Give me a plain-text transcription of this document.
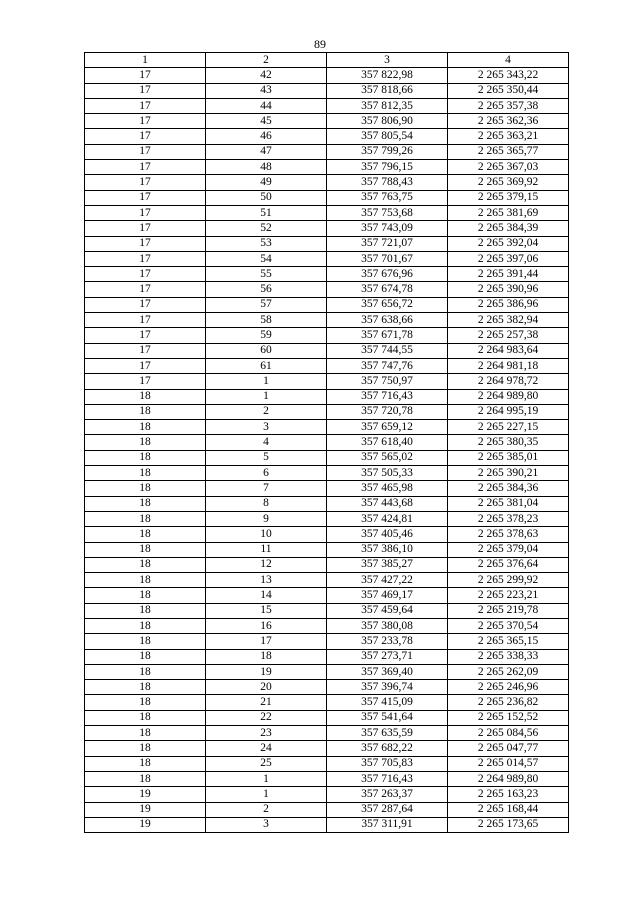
89
1	2	3	4
17	42	357 822,98	2 265 343,22
17	43	357 818,66	2 265 350,44
17	44	357 812,35	2 265 357,38
17	45	357 806,90	2 265 362,36
17	46	357 805,54	2 265 363,21
17	47	357 799,26	2 265 365,77
17	48	357 796,15	2 265 367,03
17	49	357 788,43	2 265 369,92
17	50	357 763,75	2 265 379,15
17	51	357 753,68	2 265 381,69
17	52	357 743,09	2 265 384,39
17	53	357 721,07	2 265 392,04
17	54	357 701,67	2 265 397,06
17	55	357 676,96	2 265 391,44
17	56	357 674,78	2 265 390,96
17	57	357 656,72	2 265 386,96
17	58	357 638,66	2 265 382,94
17	59	357 671,78	2 265 257,38
17	60	357 744,55	2 264 983,64
17	61	357 747,76	2 264 981,18
17	1	357 750,97	2 264 978,72
18	1	357 716,43	2 264 989,80
18	2	357 720,78	2 264 995,19
18	3	357 659,12	2 265 227,15
18	4	357 618,40	2 265 380,35
18	5	357 565,02	2 265 385,01
18	6	357 505,33	2 265 390,21
18	7	357 465,98	2 265 384,36
18	8	357 443,68	2 265 381,04
18	9	357 424,81	2 265 378,23
18	10	357 405,46	2 265 378,63
18	11	357 386,10	2 265 379,04
18	12	357 385,27	2 265 376,64
18	13	357 427,22	2 265 299,92
18	14	357 469,17	2 265 223,21
18	15	357 459,64	2 265 219,78
18	16	357 380,08	2 265 370,54
18	17	357 233,78	2 265 365,15
18	18	357 273,71	2 265 338,33
18	19	357 369,40	2 265 262,09
18	20	357 396,74	2 265 246,96
18	21	357 415,09	2 265 236,82
18	22	357 541,64	2 265 152,52
18	23	357 635,59	2 265 084,56
18	24	357 682,22	2 265 047,77
18	25	357 705,83	2 265 014,57
18	1	357 716,43	2 264 989,80
19	1	357 263,37	2 265 163,23
19	2	357 287,64	2 265 168,44
19	3	357 311,91	2 265 173,65
